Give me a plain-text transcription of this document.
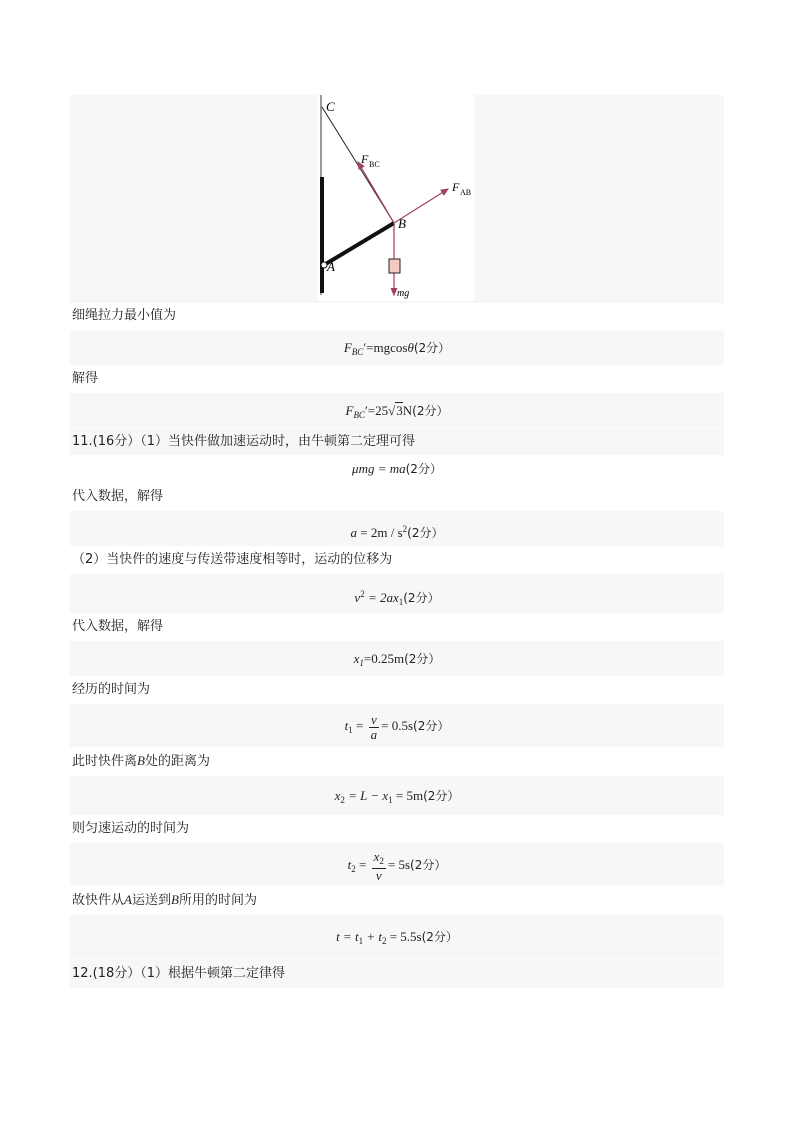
C
B
A
F BC
F AB
mg
细绳拉力最小值为
$F_{BC}'=mgcos\theta(2$分）
解得
$F_{BC}'=25√3N(2$分）
11.(16分）（1）当快件做加速运动时，由牛顿第二定理可得
μmg = ma(2分）
代入数据，解得
$a = 2m / s^2(2$分）
（2）当快件的速度与传送带速度相等时，运动的位移为
$v^2 = 2ax_1(2$分）
代入数据，解得
$x_1=0.25m(2$分）
经历的时间为
$t_1 = \frac{v}{a} = 0.5s(2$分）
此时快件离B处的距离为
$x_2 = L - x_1 = 5m(2$分）
则匀速运动的时间为
$t_2 = \frac{x_2}{v} = 5s(2$分）
故快件从A运送到B所用的时间为
$t = t_1 + t_2 = 5.5s(2$分）
12.(18分）（1）根据牛顿第二定律得
